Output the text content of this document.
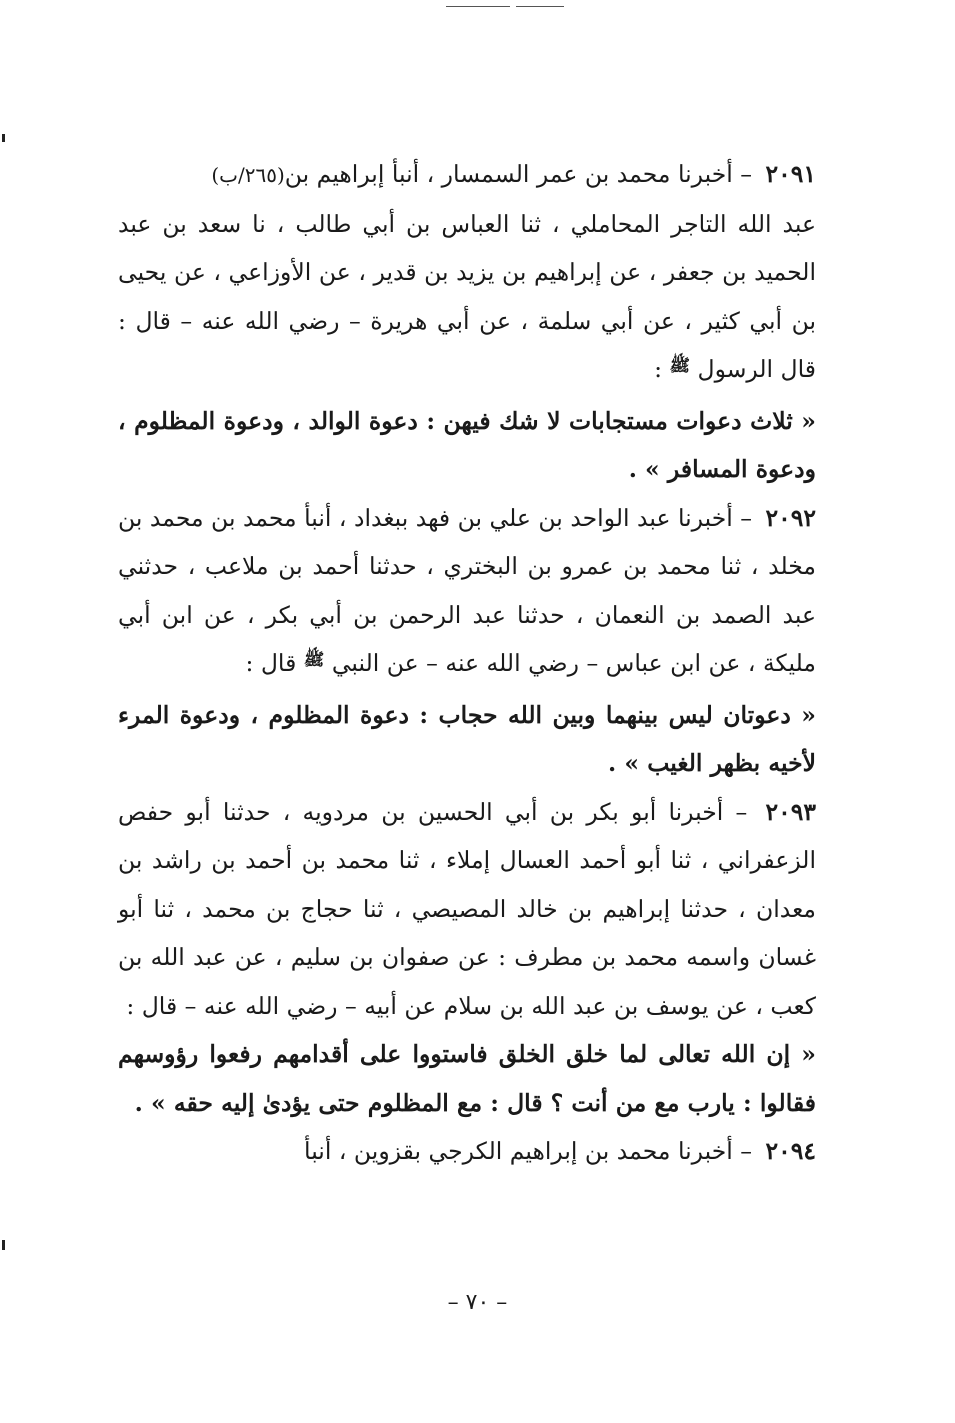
٢٠٩١ – أخبرنا محمد بن عمر السمسار ، أنبأ إبراهيم بن(٢٦٥/ب)

عبد الله التاجر المحاملي ، ثنا العباس بن أبي طالب ، نا سعد بن عبد الحميد بن جعفر ، عن إبراهيم بن يزيد بن قدير ، عن الأوزاعي ، عن يحيى بن أبي كثير ، عن أبي سلمة ، عن أبي هريرة – رضي الله عنه – قال : قال الرسول ﷺ :

« ثلاث دعوات مستجابات لا شك فيهن : دعوة الوالد ، ودعوة المظلوم ، ودعوة المسافر » .

٢٠٩٢ – أخبرنا عبد الواحد بن علي بن فهد ببغداد ، أنبأ محمد بن محمد بن مخلد ، ثنا محمد بن عمرو بن البختري ، حدثنا أحمد بن ملاعب ، حدثني عبد الصمد بن النعمان ، حدثنا عبد الرحمن بن أبي بكر ، عن ابن أبي مليكة ، عن ابن عباس – رضي الله عنه – عن النبي ﷺ قال :

« دعوتان ليس بينهما وبين الله حجاب : دعوة المظلوم ، ودعوة المرء لأخيه بظهر الغيب » .

٢٠٩٣ – أخبرنا أبو بكر بن أبي الحسين بن مردويه ، حدثنا أبو حفص الزعفراني ، ثنا أبو أحمد العسال إملاء ، ثنا محمد بن أحمد بن راشد بن معدان ، حدثنا إبراهيم بن خالد المصيصي ، ثنا حجاج بن محمد ، ثنا أبو غسان واسمه محمد بن مطرف : عن صفوان بن سليم ، عن عبد الله بن كعب ، عن يوسف بن عبد الله بن سلام عن أبيه – رضي الله عنه – قال :

« إن الله تعالى لما خلق الخلق فاستووا على أقدامهم رفعوا رؤوسهم فقالوا : يارب مع من أنت ؟ قال : مع المظلوم حتى يؤدىٰ إليه حقه » .

٢٠٩٤ – أخبرنا محمد بن إبراهيم الكرجي بقزوين ، أنبأ

– ٧٠ –
